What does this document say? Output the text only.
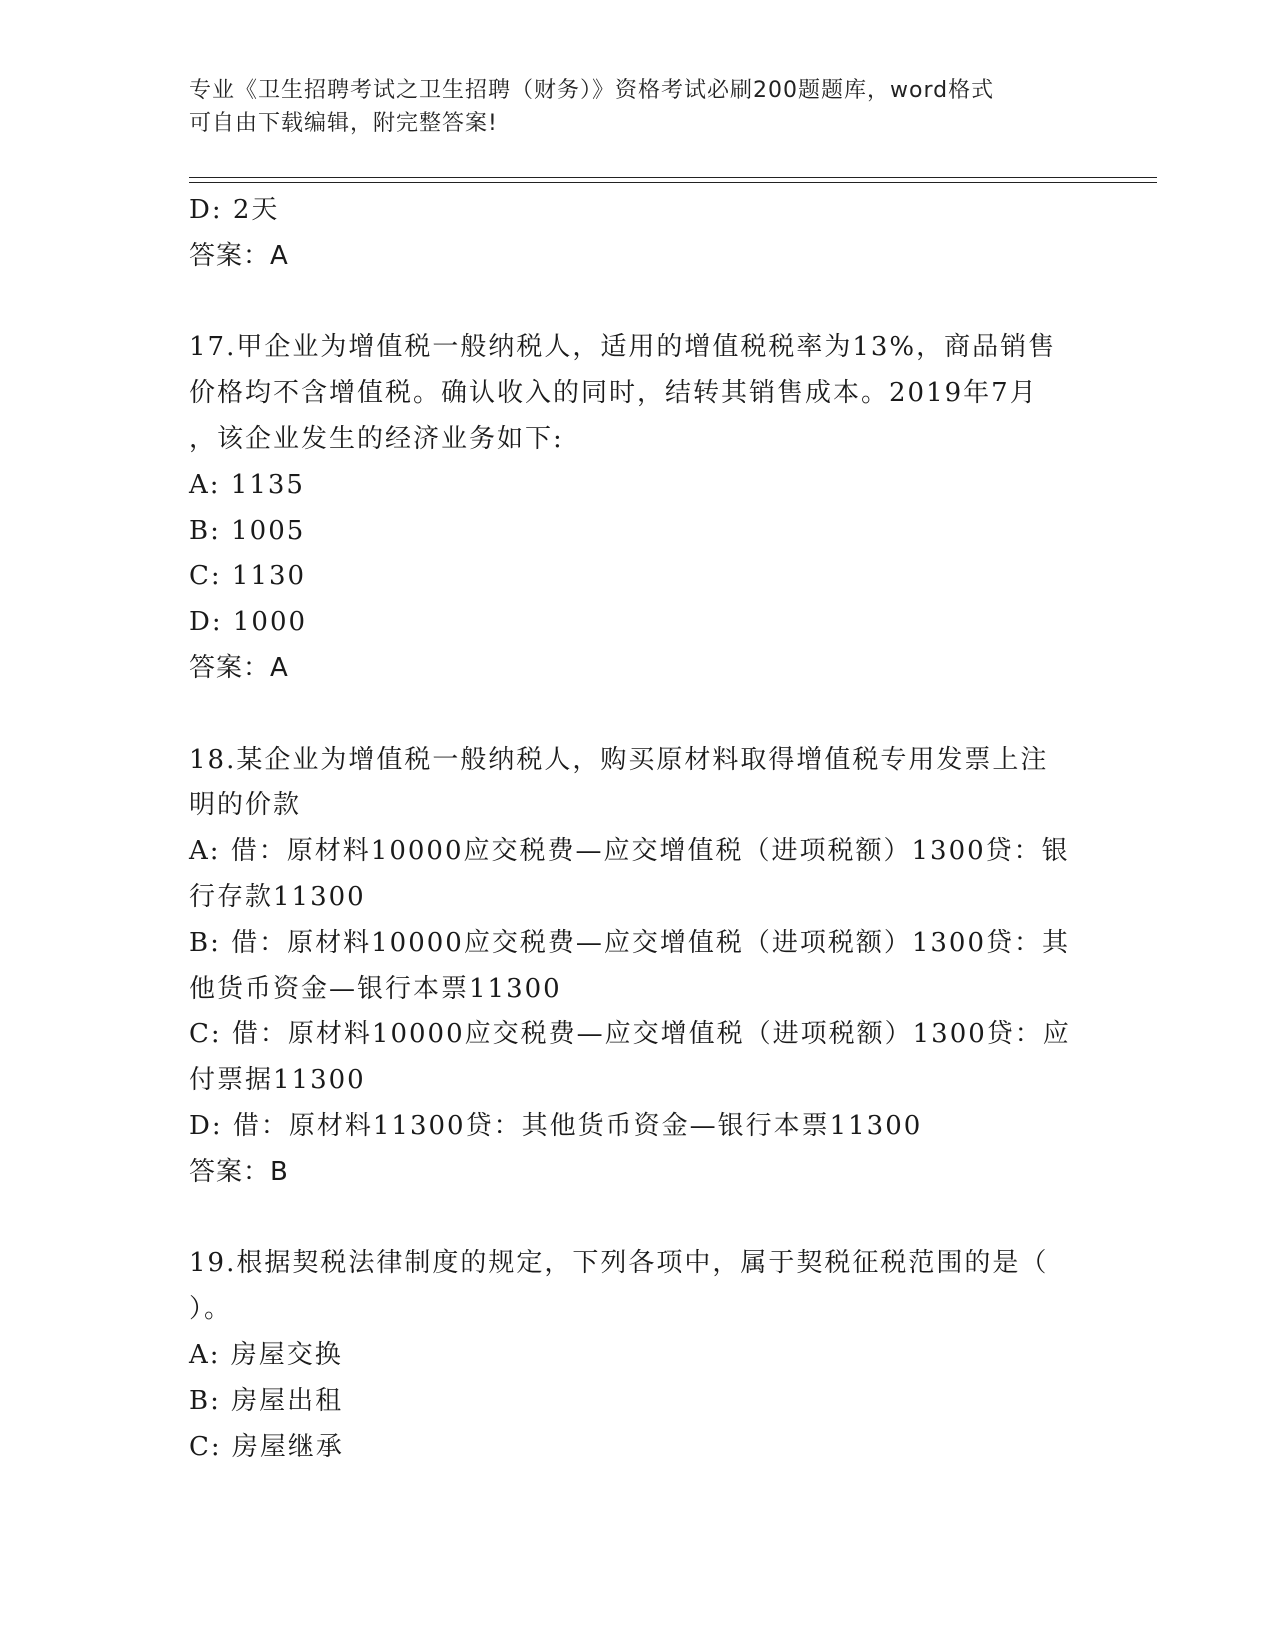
专业《卫生招聘考试之卫生招聘（财务）》资格考试必刷200题题库，word格式
可自由下载编辑，附完整答案!
D: 2天
答案：A
17.甲企业为增值税一般纳税人，适用的增值税税率为13%，商品销售
价格均不含增值税。确认收入的同时，结转其销售成本。2019年7月
，该企业发生的经济业务如下:
A: 1135
B: 1005
C: 1130
D: 1000
答案：A
18.某企业为增值税一般纳税人，购买原材料取得增值税专用发票上注
明的价款
A: 借：原材料10000应交税费—应交增值税（进项税额）1300贷：银
行存款11300
B: 借：原材料10000应交税费—应交增值税（进项税额）1300贷：其
他货币资金—银行本票11300
C: 借：原材料10000应交税费—应交增值税（进项税额）1300贷：应
付票据11300
D: 借：原材料11300贷：其他货币资金—银行本票11300
答案：B
19.根据契税法律制度的规定，下列各项中，属于契税征税范围的是（
）。
A: 房屋交换
B: 房屋出租
C: 房屋继承
